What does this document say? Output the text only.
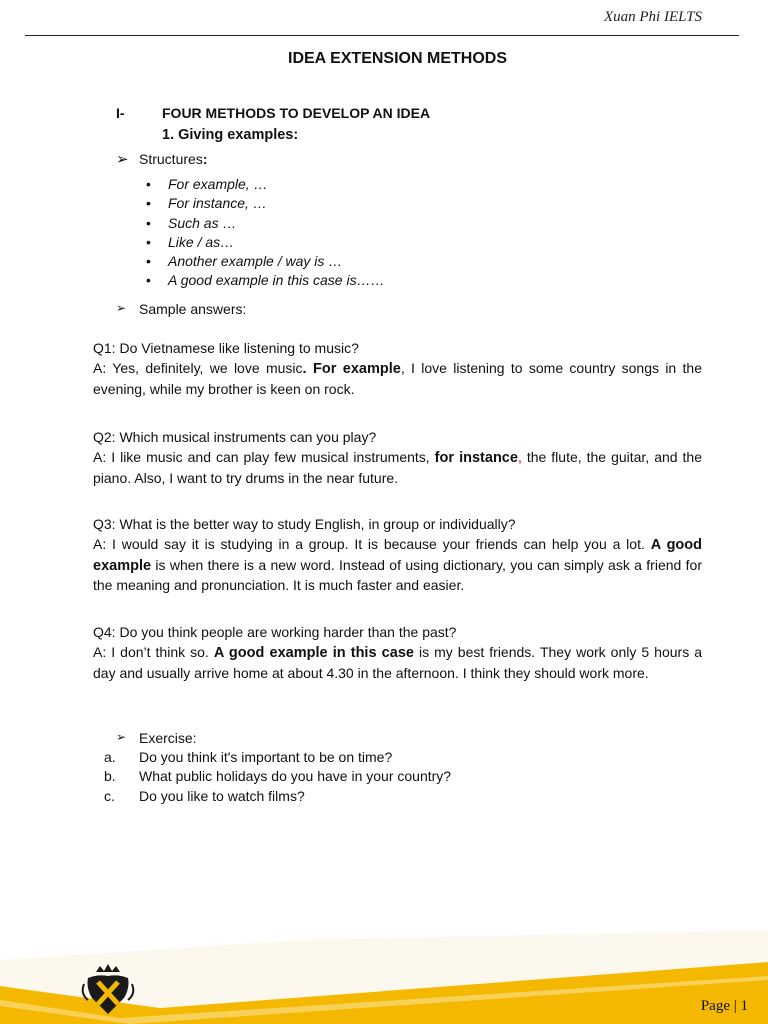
Xuan Phi IELTS
IDEA EXTENSION METHODS
I-	FOUR METHODS TO DEVELOP AN IDEA
1. Giving examples:
➢ Structures:
• For example, …
• For instance, …
• Such as …
• Like / as…
• Another example / way is …
• A good example in this case is……
➢ Sample answers:

Q1: Do Vietnamese like listening to music?

A: Yes, definitely, we love music. For example, I love listening to some country songs in the evening, while my brother is keen on rock.

Q2: Which musical instruments can you play?

A: I like music and can play few musical instruments, for instance, the flute, the guitar, and the piano. Also, I want to try drums in the near future.

Q3: What is the better way to study English, in group or individually?

A: I would say it is studying in a group. It is because your friends can help you a lot. A good example is when there is a new word. Instead of using dictionary, you can simply ask a friend for the meaning and pronunciation. It is much faster and easier.

Q4: Do you think people are working harder than the past?

A: I don’t think so. A good example in this case is my best friends. They work only 5 hours a day and usually arrive home at about 4.30 in the afternoon. I think they should work more.

➢ Exercise:
a. Do you think it's important to be on time?
b. What public holidays do you have in your country?
c. Do you like to watch films?
Page | 1
